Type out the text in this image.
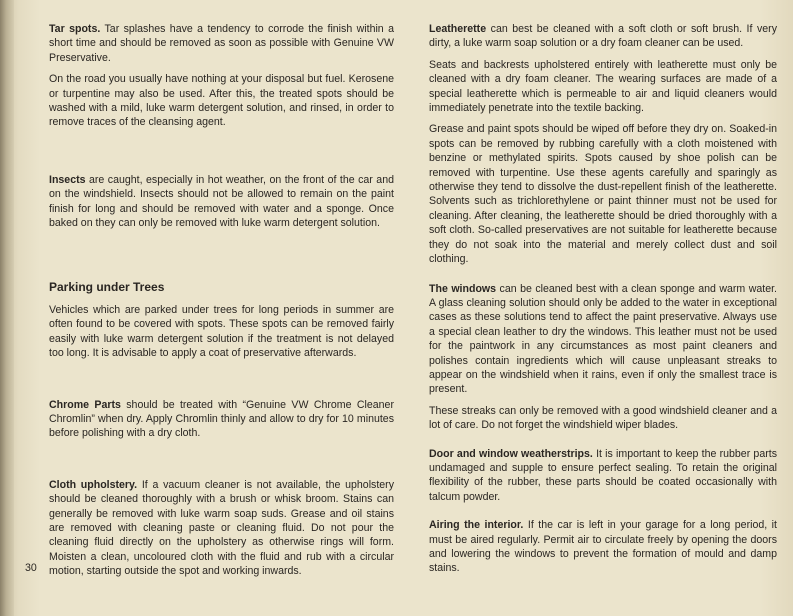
Tar spots. Tar splashes have a tendency to corrode the finish within a short time and should be removed as soon as possible with Genuine VW Preservative.

On the road you usually have nothing at your disposal but fuel. Kerosene or turpentine may also be used. After this, the treated spots should be washed with a mild, luke warm detergent solution, and rinsed, in order to remove traces of the cleansing agent.

Insects are caught, especially in hot weather, on the front of the car and on the windshield. Insects should not be allowed to remain on the paint finish for long and should be removed with water and a sponge. Once baked on they can only be removed with luke warm detergent solution.

Parking under Trees

Vehicles which are parked under trees for long periods in summer are often found to be covered with spots. These spots can be removed fairly easily with luke warm detergent solution if the treatment is not delayed too long. It is advisable to apply a coat of preservative afterwards.

Chrome Parts should be treated with “Genuine VW Chrome Cleaner Chromlin” when dry. Apply Chromlin thinly and allow to dry for 10 minutes before polishing with a dry cloth.

Cloth upholstery. If a vacuum cleaner is not available, the upholstery should be cleaned thoroughly with a brush or whisk broom. Stains can generally be removed with luke warm soap suds. Grease and oil stains are removed with cleaning paste or cleaning fluid. Do not pour the cleaning fluid directly on the upholstery as otherwise rings will form. Moisten a clean, uncoloured cloth with the fluid and rub with a circular motion, starting outside the spot and working inwards.

Leatherette can best be cleaned with a soft cloth or soft brush. If very dirty, a luke warm soap solution or a dry foam cleaner can be used.

Seats and backrests upholstered entirely with leatherette must only be cleaned with a dry foam cleaner. The wearing surfaces are made of a special leatherette which is permeable to air and liquid cleaners would immediately penetrate into the textile backing.

Grease and paint spots should be wiped off before they dry on. Soaked-in spots can be removed by rubbing carefully with a cloth moistened with benzine or methylated spirits. Spots caused by shoe polish can be removed with turpentine. Use these agents carefully and sparingly as otherwise they tend to dissolve the dust-repellent finish of the leatherette. Solvents such as trichlorethylene or paint thinner must not be used for cleaning. After cleaning, the leatherette should be dried thoroughly with a soft cloth. So-called preservatives are not suitable for leatherette because they do not soak into the material and merely collect dust and soil clothing.

The windows can be cleaned best with a clean sponge and warm water. A glass cleaning solution should only be added to the water in exceptional cases as these solutions tend to affect the paint preservative. Always use a special clean leather to dry the windows. This leather must not be used for the paintwork in any circumstances as most paint cleaners and polishes contain ingredients which will cause unpleasant streaks to appear on the windshield when it rains, even if only the smallest trace is present.

These streaks can only be removed with a good windshield cleaner and a lot of care. Do not forget the windshield wiper blades.

Door and window weatherstrips. It is important to keep the rubber parts undamaged and supple to ensure perfect sealing. To retain the original flexibility of the rubber, these parts should be coated occasionally with talcum powder.

Airing the interior. If the car is left in your garage for a long period, it must be aired regularly. Permit air to circulate freely by opening the doors and lowering the windows to prevent the formation of mould and damp stains.

30
